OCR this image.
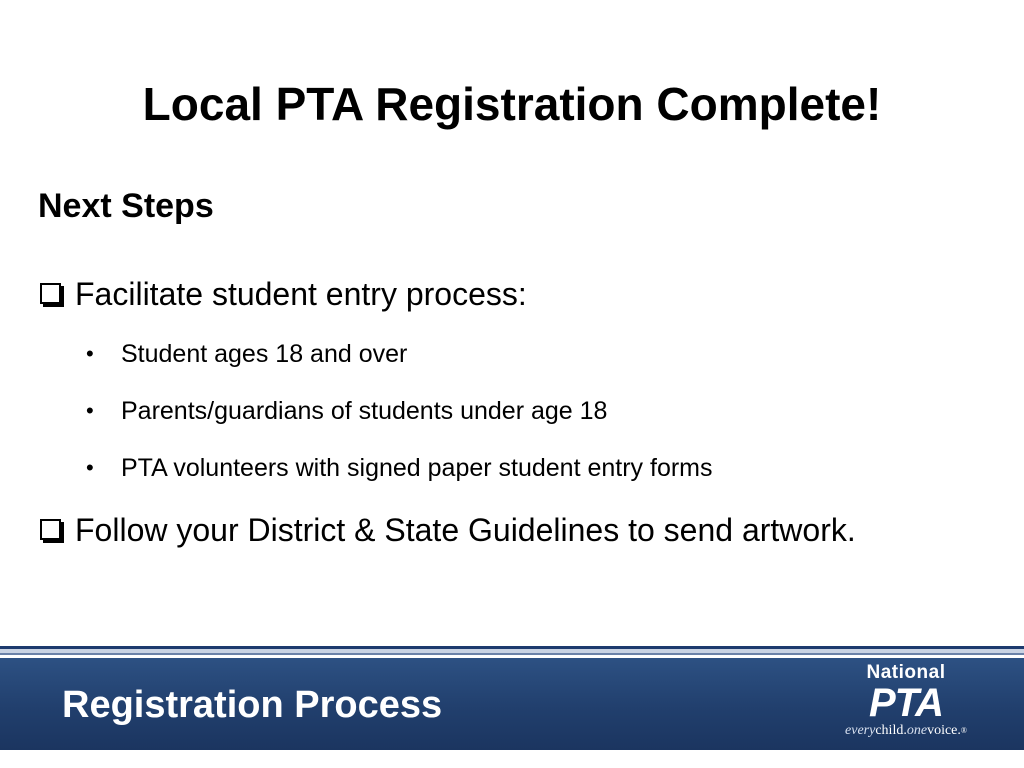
Local PTA Registration Complete!
Next Steps
Facilitate student entry process:
• Student ages 18 and over
• Parents/guardians of students under age 18
• PTA volunteers with signed paper student entry forms
Follow your District & State Guidelines to send artwork.
Registration Process
National
PTA
everychild.onevoice.®
